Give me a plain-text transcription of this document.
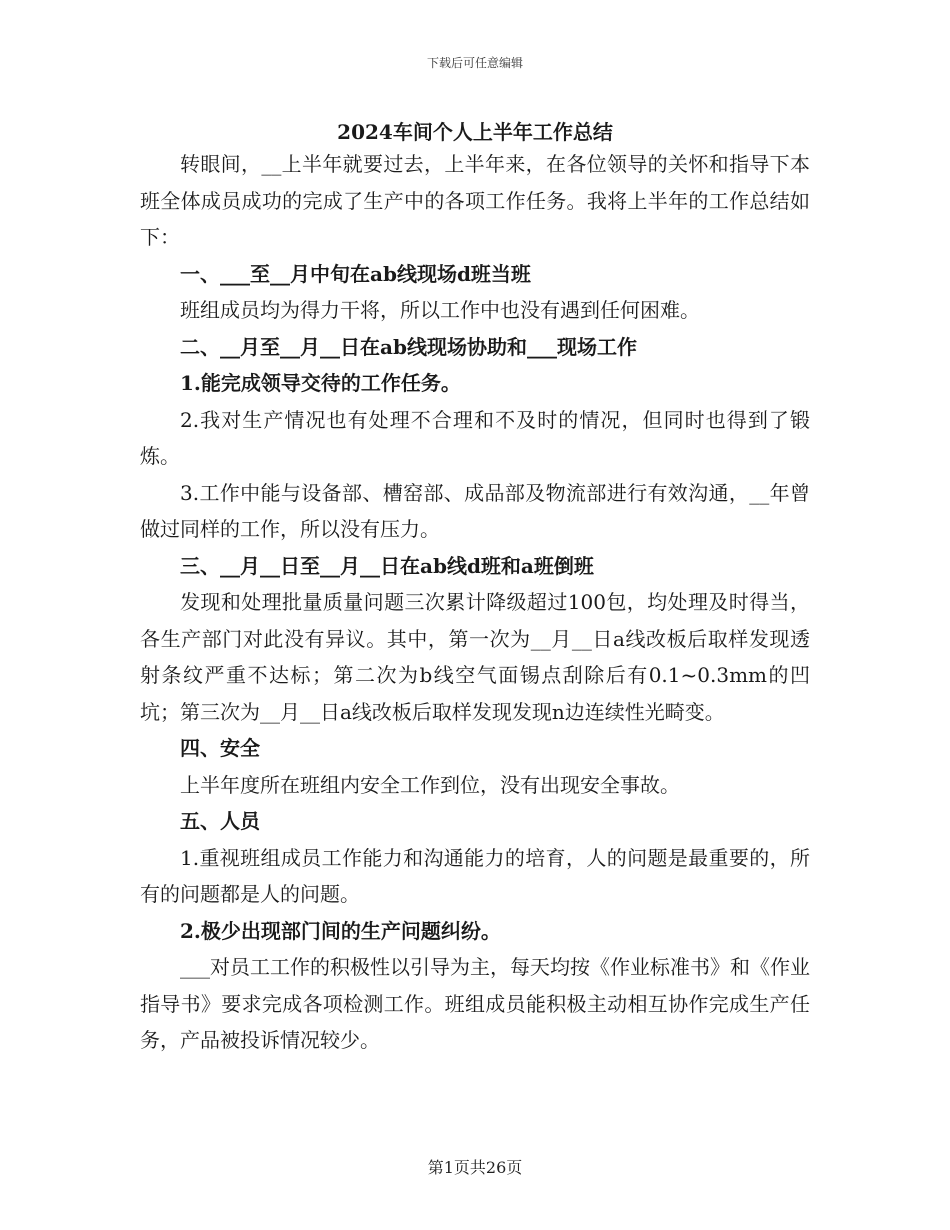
下载后可任意编辑
2024车间个人上半年工作总结

转眼间，__上半年就要过去，上半年来，在各位领导的关怀和指导下本班全体成员成功的完成了生产中的各项工作任务。我将上半年的工作总结如下：

一、___至__月中旬在ab线现场d班当班

班组成员均为得力干将，所以工作中也没有遇到任何困难。

二、__月至__月__日在ab线现场协助和___现场工作

1.能完成领导交待的工作任务。

2.我对生产情况也有处理不合理和不及时的情况，但同时也得到了锻炼。

3.工作中能与设备部、槽窑部、成品部及物流部进行有效沟通，__年曾做过同样的工作，所以没有压力。

三、__月__日至__月__日在ab线d班和a班倒班

发现和处理批量质量问题三次累计降级超过100包，均处理及时得当，各生产部门对此没有异议。其中，第一次为__月__日a线改板后取样发现透射条纹严重不达标；第二次为b线空气面锡点刮除后有0.1~0.3mm的凹坑；第三次为__月__日a线改板后取样发现发现n边连续性光畸变。

四、安全

上半年度所在班组内安全工作到位，没有出现安全事故。

五、人员

1.重视班组成员工作能力和沟通能力的培育，人的问题是最重要的，所有的问题都是人的问题。

2.极少出现部门间的生产问题纠纷。

___对员工工作的积极性以引导为主，每天均按《作业标准书》和《作业指导书》要求完成各项检测工作。班组成员能积极主动相互协作完成生产任务，产品被投诉情况较少。

第1页共26页
